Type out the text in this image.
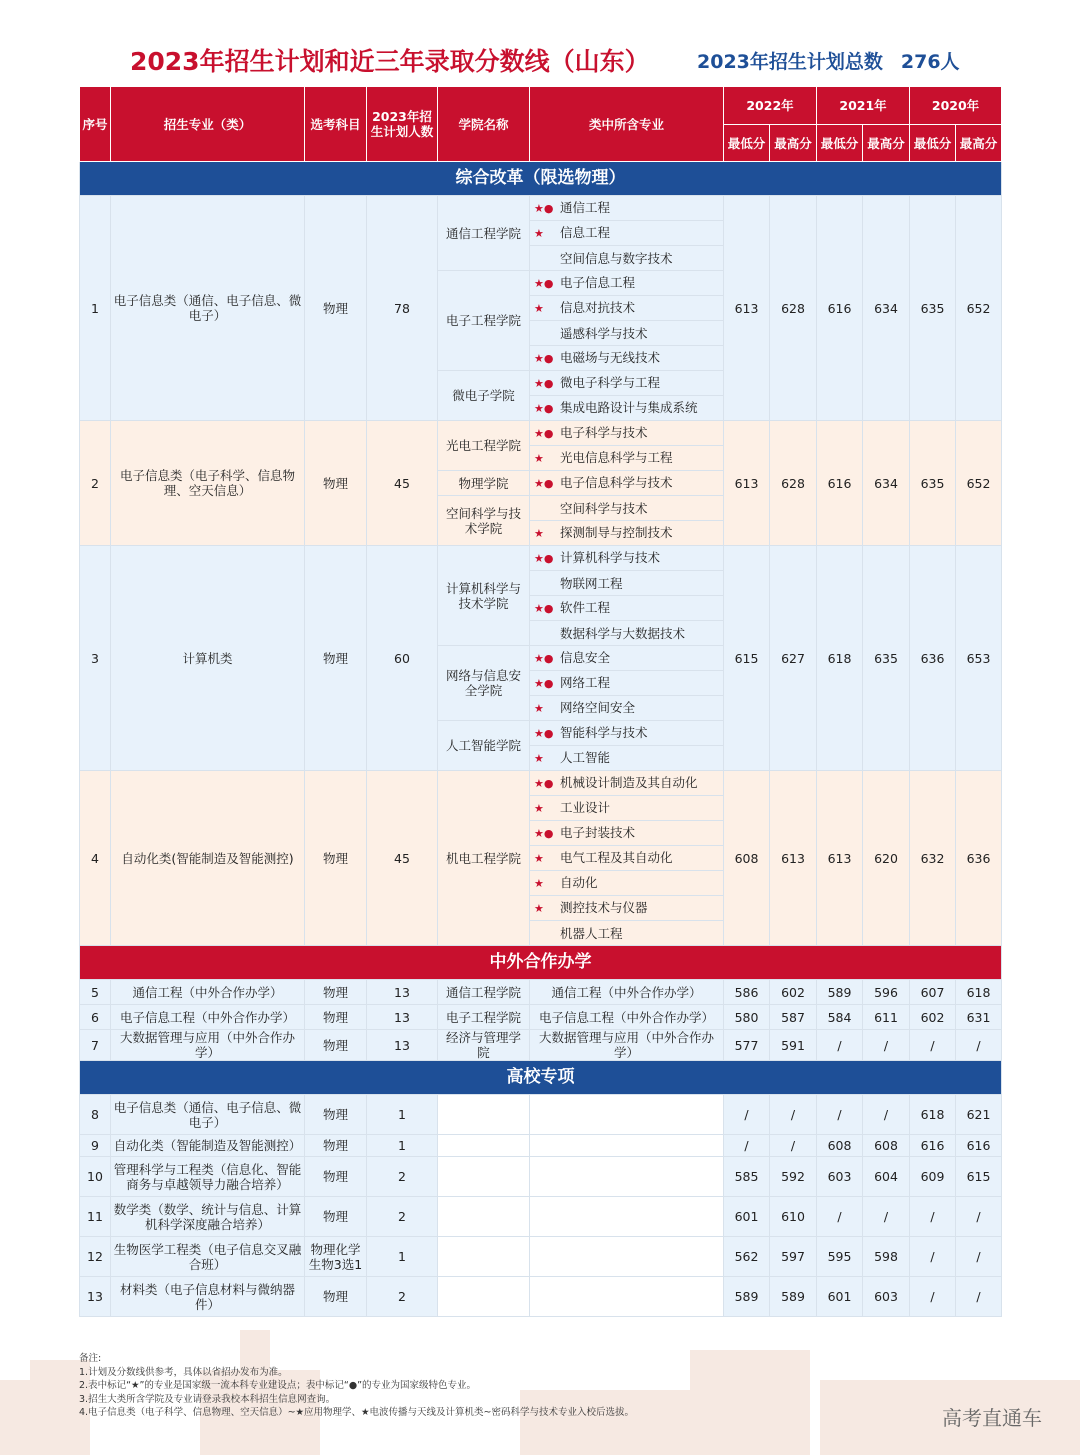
2023年招生计划和近三年录取分数线（山东） 2023年招生计划总数 276人
序号	招生专业（类）	选考科目	2023年招生计划人数	学院名称	类中所含专业	2022年		2021年		2020年	
						最低分	最高分	最低分	最高分	最低分	最高分
综合改革（限选物理）											
1	电子信息类（通信、电子信息、微电子）	物理	78	通信工程学院	★● 通信工程	613	628	616	634	635	652
					★ 信息工程						
					空间信息与数字技术						
				电子工程学院	★● 电子信息工程						
					★ 信息对抗技术						
					遥感科学与技术						
					★● 电磁场与无线技术						
				微电子学院	★● 微电子科学与工程						
					★● 集成电路设计与集成系统						
2	电子信息类（电子科学、信息物理、空天信息）	物理	45	光电工程学院	★● 电子科学与技术	613	628	616	634	635	652
					★ 光电信息科学与工程						
				物理学院	★● 电子信息科学与技术						
				空间科学与技术学院	空间科学与技术						
					★ 探测制导与控制技术						
3	计算机类	物理	60	计算机科学与技术学院	★● 计算机科学与技术	615	627	618	635	636	653
					物联网工程						
					★● 软件工程						
					数据科学与大数据技术						
				网络与信息安全学院	★● 信息安全						
					★● 网络工程						
					★ 网络空间安全						
				人工智能学院	★● 智能科学与技术						
					★ 人工智能						
4	自动化类(智能制造及智能测控)	物理	45	机电工程学院	★● 机械设计制造及其自动化	608	613	613	620	632	636
					★ 工业设计						
					★● 电子封装技术						
					★ 电气工程及其自动化						
					★ 自动化						
					★ 测控技术与仪器						
					机器人工程						
中外合作办学											
5	通信工程（中外合作办学）	物理	13	通信工程学院	通信工程（中外合作办学）	586	602	589	596	607	618
6	电子信息工程（中外合作办学）	物理	13	电子工程学院	电子信息工程（中外合作办学）	580	587	584	611	602	631
7	大数据管理与应用（中外合作办学）	物理	13	经济与管理学院	大数据管理与应用（中外合作办学）	577	591	/	/	/	/
高校专项											
8	电子信息类（通信、电子信息、微电子）	物理	1			/	/	/	/	618	621
9	自动化类（智能制造及智能测控）	物理	1			/	/	608	608	616	616
10	管理科学与工程类（信息化、智能商务与卓越领导力融合培养）	物理	2			585	592	603	604	609	615
11	数学类（数学、统计与信息、计算机科学深度融合培养）	物理	2			601	610	/	/	/	/
12	生物医学工程类（电子信息交叉融合班）	物理化学生物3选1	1			562	597	595	598	/	/
13	材料类（电子信息材料与微纳器件）	物理	2			589	589	601	603	/	/
备注:
1.计划及分数线供参考，具体以省招办发布为准。
2.表中标记“★”的专业是国家级一流本科专业建设点；表中标记“●”的专业为国家级特色专业。
3.招生大类所含学院及专业请登录我校本科招生信息网查询。
4.电子信息类（电子科学、信息物理、空天信息）~★应用物理学、★电波传播与天线及计算机类~密码科学与技术专业入校后选拔。	高考直通车
